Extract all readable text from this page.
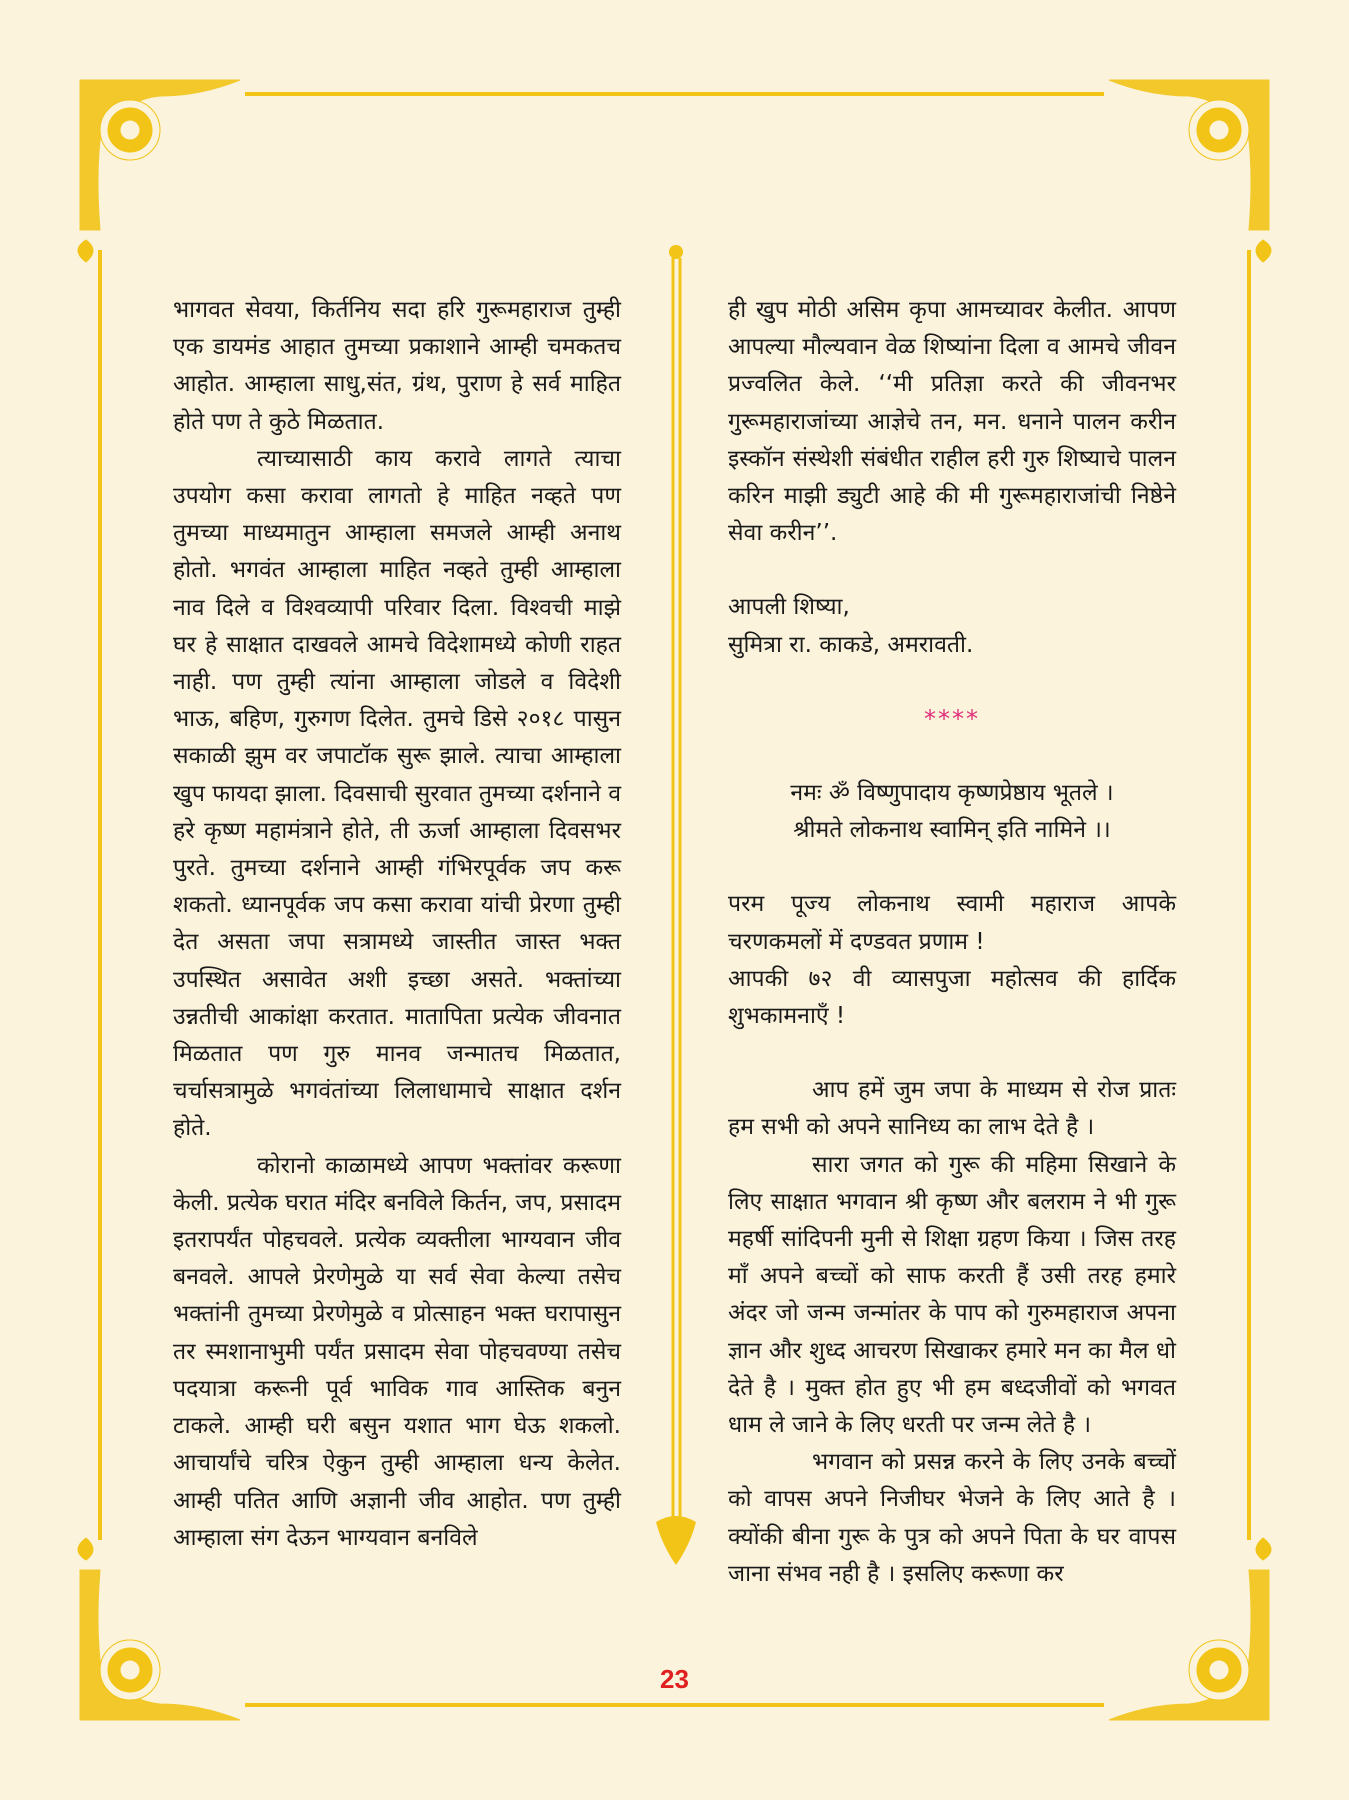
भागवत सेवया, किर्तनिय सदा हरि गुरूमहाराज तुम्ही एक डायमंड आहात तुमच्या प्रकाशाने आम्ही चमकतच आहोत. आम्हाला साधु,संत, ग्रंथ, पुराण हे सर्व माहित होते पण ते कुठे मिळतात.

त्याच्यासाठी काय करावे लागते त्याचा उपयोग कसा करावा लागतो हे माहित नव्हते पण तुमच्या माध्यमातुन आम्हाला समजले आम्ही अनाथ होतो. भगवंत आम्हाला माहित नव्हते तुम्ही आम्हाला नाव दिले व विश्वव्यापी परिवार दिला. विश्वची माझे घर हे साक्षात दाखवले आमचे विदेशामध्ये कोणी राहत नाही. पण तुम्ही त्यांना आम्हाला जोडले व विदेशी भाऊ, बहिण, गुरुगण दिलेत. तुमचे डिसे २०१८ पासुन सकाळी झुम वर जपाटॉक सुरू झाले. त्याचा आम्हाला खुप फायदा झाला. दिवसाची सुरवात तुमच्या दर्शनाने व हरे कृष्ण महामंत्राने होते, ती ऊर्जा आम्हाला दिवसभर पुरते. तुमच्या दर्शनाने आम्ही गंभिरपूर्वक जप करू शकतो. ध्यानपूर्वक जप कसा करावा यांची प्रेरणा तुम्ही देत असता जपा सत्रामध्ये जास्तीत जास्त भक्त उपस्थित असावेत अशी इच्छा असते. भक्तांच्या उन्नतीची आकांक्षा करतात. मातापिता प्रत्येक जीवनात मिळतात पण गुरु मानव जन्मातच मिळतात, चर्चासत्रामुळे भगवंतांच्या लिलाधामाचे साक्षात दर्शन होते.

कोरानो काळामध्ये आपण भक्तांवर करूणा केली. प्रत्येक घरात मंदिर बनविले किर्तन, जप, प्रसादम इतरापर्यंत पोहचवले. प्रत्येक व्यक्तीला भाग्यवान जीव बनवले. आपले प्रेरणेमुळे या सर्व सेवा केल्या तसेच भक्तांनी तुमच्या प्रेरणेमुळे व प्रोत्साहन भक्त घरापासुन तर स्मशानाभुमी पर्यंत प्रसादम सेवा पोहचवण्या तसेच पदयात्रा करूनी पूर्व भाविक गाव आस्तिक बनुन टाकले. आम्ही घरी बसुन यशात भाग घेऊ शकलो. आचार्यांचे चरित्र ऐकुन तुम्ही आम्हाला धन्य केलेत. आम्ही पतित आणि अज्ञानी जीव आहोत. पण तुम्ही आम्हाला संग देऊन भाग्यवान बनविले

ही खुप मोठी असिम कृपा आमच्यावर केलीत. आपण आपल्या मौल्यवान वेळ शिष्यांना दिला व आमचे जीवन प्रज्वलित केले. ‘‘मी प्रतिज्ञा करते की जीवनभर गुरूमहाराजांच्या आज्ञेचे तन, मन. धनाने पालन करीन इस्कॉन संस्थेशी संबंधीत राहील हरी गुरु शिष्याचे पालन करिन माझी ड्युटी आहे की मी गुरूमहाराजांची निष्ठेने सेवा करीन’’.

आपली शिष्या,

सुमित्रा रा. काकडे, अमरावती.

****

नमः ॐ विष्णुपादाय कृष्णप्रेष्ठाय भूतले ।

श्रीमते लोकनाथ स्वामिन् इति नामिने ।।

परम पूज्य लोकनाथ स्वामी महाराज आपके चरणकमलों में दण्डवत प्रणाम !

आपकी ७२ वी व्यासपुजा महोत्सव की हार्दिक शुभकामनाएँ !

आप हमें जुम जपा के माध्यम से रोज प्रातः हम सभी को अपने सानिध्य का लाभ देते है ।

सारा जगत को गुरू की महिमा सिखाने के लिए साक्षात भगवान श्री कृष्ण और बलराम ने भी गुरू महर्षी सांदिपनी मुनी से शिक्षा ग्रहण किया । जिस तरह माँ अपने बच्चों को साफ करती हैं उसी तरह हमारे अंदर जो जन्म जन्मांतर के पाप को गुरुमहाराज अपना ज्ञान और शुध्द आचरण सिखाकर हमारे मन का मैल धो देते है । मुक्त होत हुए भी हम बध्दजीवों को भगवत धाम ले जाने के लिए धरती पर जन्म लेते है ।

भगवान को प्रसन्न करने के लिए उनके बच्चों को वापस अपने निजीघर भेजने के लिए आते है । क्योंकी बीना गुरू के पुत्र को अपने पिता के घर वापस जाना संभव नही है । इसलिए करूणा कर

23
